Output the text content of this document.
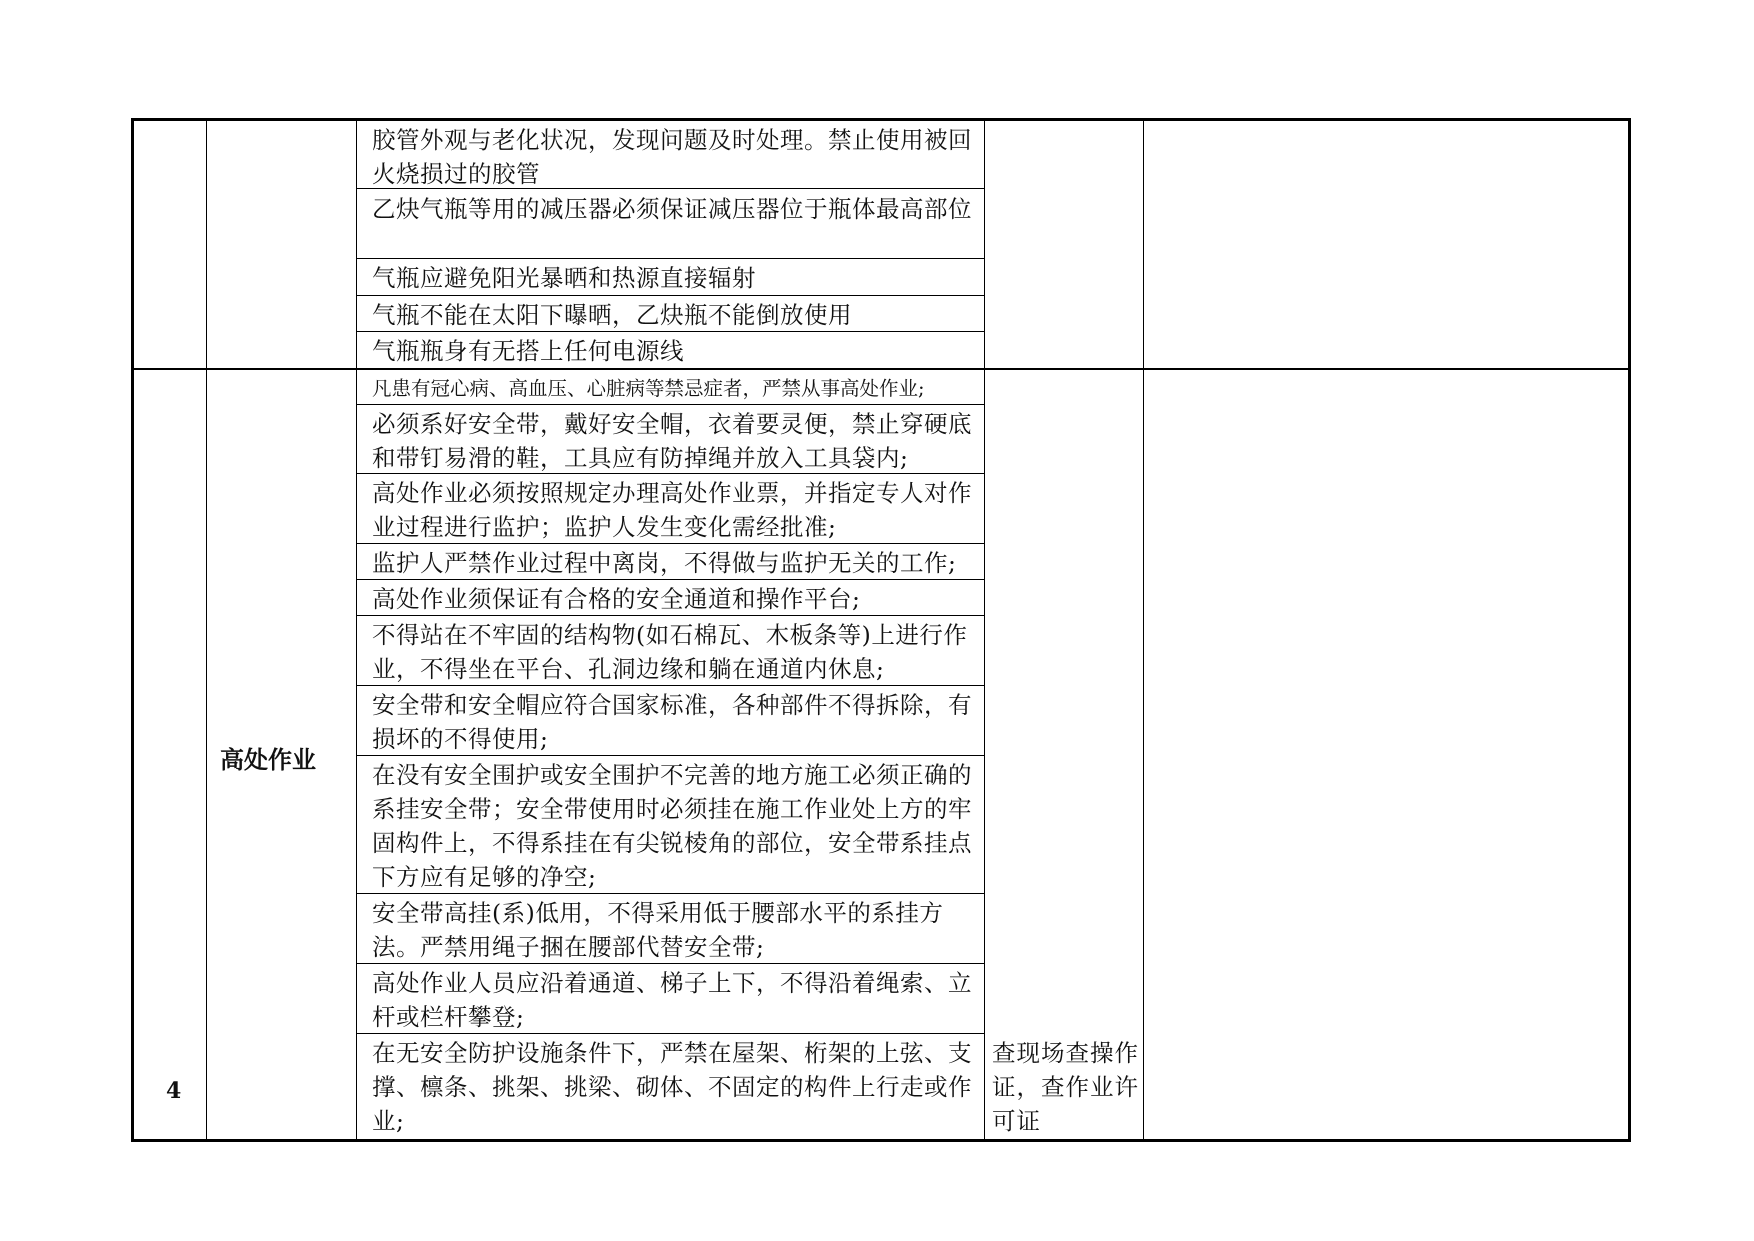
胶管外观与老化状况，发现问题及时处理。禁止使用被回火烧损过的胶管
乙炔气瓶等用的减压器必须保证减压器位于瓶体最高部位
气瓶应避免阳光暴晒和热源直接辐射
气瓶不能在太阳下曝晒，乙炔瓶不能倒放使用
气瓶瓶身有无搭上任何电源线
高处作业
4
查现场查操作证，查作业许可证
凡患有冠心病、高血压、心脏病等禁忌症者，严禁从事高处作业;
必须系好安全带，戴好安全帽，衣着要灵便，禁止穿硬底和带钉易滑的鞋，工具应有防掉绳并放入工具袋内;
高处作业必须按照规定办理高处作业票，并指定专人对作业过程进行监护；监护人发生变化需经批准;
监护人严禁作业过程中离岗，不得做与监护无关的工作;
高处作业须保证有合格的安全通道和操作平台;
不得站在不牢固的结构物(如石棉瓦、木板条等)上进行作业，不得坐在平台、孔洞边缘和躺在通道内休息;
安全带和安全帽应符合国家标准，各种部件不得拆除，有损坏的不得使用;
在没有安全围护或安全围护不完善的地方施工必须正确的系挂安全带；安全带使用时必须挂在施工作业处上方的牢固构件上，不得系挂在有尖锐棱角的部位，安全带系挂点下方应有足够的净空;
安全带高挂(系)低用，不得采用低于腰部水平的系挂方法。严禁用绳子捆在腰部代替安全带;
高处作业人员应沿着通道、梯子上下，不得沿着绳索、立杆或栏杆攀登;
在无安全防护设施条件下，严禁在屋架、桁架的上弦、支撑、檩条、挑架、挑梁、砌体、不固定的构件上行走或作业;
